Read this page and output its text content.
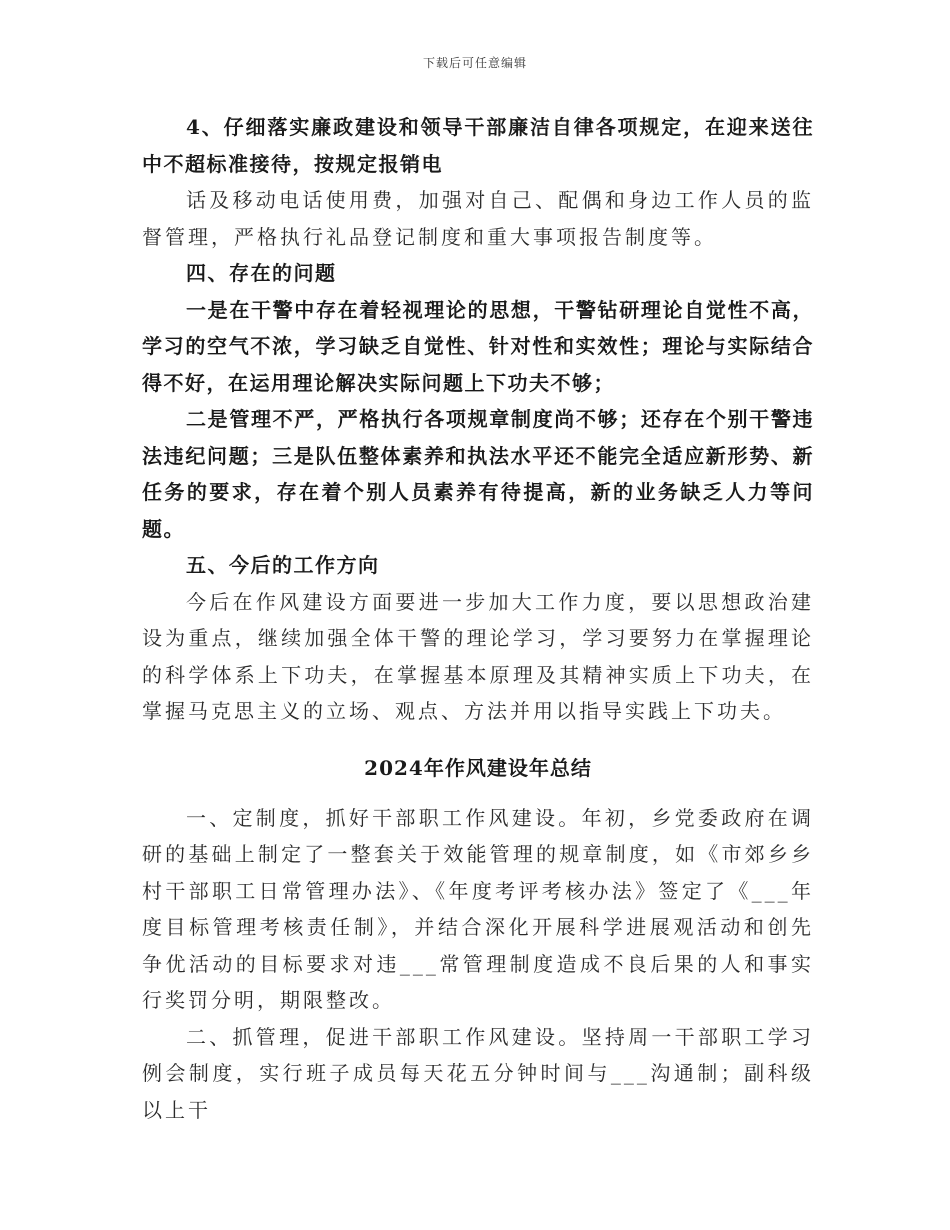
下载后可任意编辑

4、仔细落实廉政建设和领导干部廉洁自律各项规定，在迎来送往中不超标准接待，按规定报销电

话及移动电话使用费，加强对自己、配偶和身边工作人员的监督管理，严格执行礼品登记制度和重大事项报告制度等。

四、存在的问题

一是在干警中存在着轻视理论的思想，干警钻研理论自觉性不高，学习的空气不浓，学习缺乏自觉性、针对性和实效性；理论与实际结合得不好，在运用理论解决实际问题上下功夫不够；

二是管理不严，严格执行各项规章制度尚不够；还存在个别干警违法违纪问题；三是队伍整体素养和执法水平还不能完全适应新形势、新任务的要求，存在着个别人员素养有待提高，新的业务缺乏人力等问题。

五、今后的工作方向

今后在作风建设方面要进一步加大工作力度，要以思想政治建设为重点，继续加强全体干警的理论学习，学习要努力在掌握理论的科学体系上下功夫，在掌握基本原理及其精神实质上下功夫，在掌握马克思主义的立场、观点、方法并用以指导实践上下功夫。

2024年作风建设年总结

一、定制度，抓好干部职工作风建设。年初，乡党委政府在调研的基础上制定了一整套关于效能管理的规章制度，如《市郊乡乡村干部职工日常管理办法》、《年度考评考核办法》签定了《___年度目标管理考核责任制》，并结合深化开展科学进展观活动和创先争优活动的目标要求对违___常管理制度造成不良后果的人和事实行奖罚分明，期限整改。

二、抓管理，促进干部职工作风建设。坚持周一干部职工学习例会制度，实行班子成员每天花五分钟时间与___沟通制；副科级以上干
